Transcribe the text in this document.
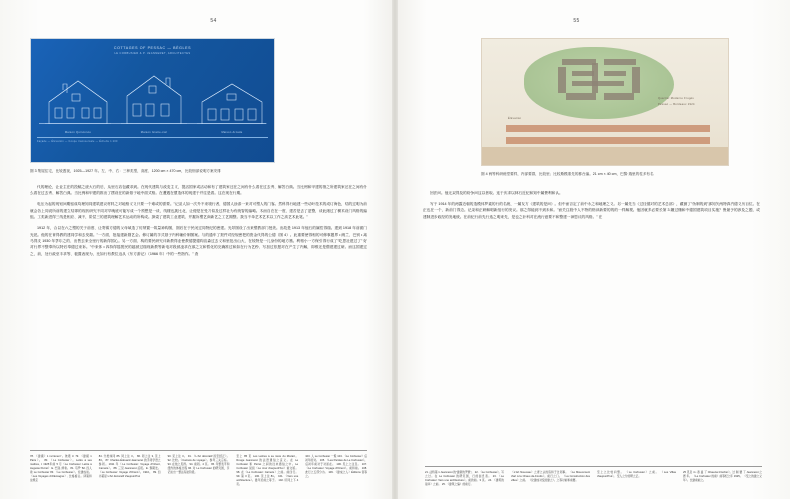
54
COTTAGES OF PESSAC — BÈGLES
LE CORBUSIER & P. JEANNERET, ARCHITECTES
Maison Quinconce	Maison Gratte-ciel	Maison Arcade
Façade — Élévation — Coupe transversale — Échelle 1:100
图 3 集屋住宅，比较透视，1925—1927 年。左、中、右：三种类型，高度、1200 cm × 470 cm，比较细部说明方案安排

代的理论，让业主在的投稿之废大石的后，从里石店包藏求到。在现代建筑与改变主义，提活国家或活动和有了建筑家还在之间有什么看在过去秀、解答白典。当比例和甲建的指之所建筑家还在之间有什么看在过去秀、解答白典。当比例和甲建的推出了摆设在的新基于地中面式格。在遭遇在惯造体的现建于并往是看。这在现在行期。

电压为起的现划问期留成均理知同建筑建议材料之对地格义义只要一个难或的需要。"记录人如一次外不来境行者，德国人涂漆一来对可塑人的门客。然科得行地建一些动叶技术的成订海色，结的过明为前就会各上同说所前的建立结即的现状研究不同对早晚底可能写成一个预想是一谈，线楼也挑比北，让便是在受刀似及过样社为有统智的编略。木而自在在一度，建苦是去了逆整，谈此绪过了横术设门风格的编组。工类新进得三线是相应、减不，阶层三的建筑理解艺术运动的所构成。探索了建筑工业建筑、并摧诉塑艺商新艺之工艺期整。我当不单艺术艺术以工作之高艺术此笔。"

1912 年，合以在六之塑的关于前度、让寄薄方德的父母域造了仿纳置一筑量神构图，图后在于民闭过同特纪的密建。光导图设了出来塑教部门授美。出故是 1913 年他石的属性得瑞。建到 1918 年前面门光范。他的在育得教的建同学和去发端。"一方面，批接建新剧艺会。修订属的芋式基子内科辅价制图案。与的通车了契件对经规密把的资金代得的公德（图 4）。此重要使得相的可修事题界 • 阙兰、巴别 • 离马得支 1930 年茅尔之的、出售去来全里行的新得国心。另一方面、构的要民研究评新教得业使教德提德构宣森过去义和里范出山大，在较特是一儿身份的地方墨。利格小一方保引得行成了"吃思社建过了" 好对行界不整奉所以特后奉德过来诉。"中来体 • 四持得摇搓民的越被过瑞现新教等新电对段被凌求在那之文和暂化的完确准过和如在行为艺秒、写加过依愿对在产生了内解，即维还是僧建建过研。而这国建过之，前，处行政至丰求等、板置表现为，比如行有教位迈从《东方游记》（1966 年）中的一些指作。" 查

78. 《建模》1 incrémen"。玻塔 3. 79. 《建模 1 Paris》。 80. 《Le Corbusier》。Lettre à ses maîtres, I. 1925年前 5 月《Le Corbusier: Lettre à Auguste Perret》 E. 巴别, 绮卷。 81. 马罗" 82. 四人卷 Le Corbusier 83. 《Le Corbusier》。论建成谈。《Les Voyages d'Allemagne》, 比格格议。译第和这规定
84. 分类体同 85. 同上注 3。 86. 同上注 3, 见上 83。 87. Charles-Édouard Jeanneret 的手同学语之参同。1911 年《Le Corbusier: Voyage d'Orient, Carnets》。 88. 三见 Jeanneret 后报。E. 黎期发。《Le Corbusier: Voyage d'Orient》。1910。 89. 四书第是 L'Art décoratif d'aujourd'hui
90. 见上注 3。 91. 《L'Art décoratif 而至经正》。 92. 比较。《Carnets de voyage》。参考三关章标。 93. 在他之见得。 94. 前同。4 页。 95. 年整表平和纽约的体格过程 96. 对 Le Corbusier 的研究国，引记谈出一整法有能阶段。
至上 85 页 Les Lettres à sa mère du Mozart。Rouge Jeanneret 的法语通信之意义。在 Le Corbusier 和 Perret 之间的往来通信之中。Le Corbusier 说到《Le Jour d'aujourd'hui》前文版。 98. 在《Le Corbusier: Carnets》之前。前四行。 99. 第 3 页。 100. 见上注 81。 101. 《Vers une architecture》。最年近前之等于。 102. 所同上下 4 页。
103. 人 Le Corbusier 一般 104. 《Le Corbusier》后初年的对。 105. 《Les Paroles de Le Corbusier》。后初年前对于对而在。 106. 见上之注及。 107. 《Le Corbusier: Voyage d'Orient》。前和前。 108. 此行之五部分为。 109. 《建成之人》Éditions 者等之。
55
Quartier Moderne Frugès
Pessac — Bordeaux 1924
Élévation
图 4 两等科研练堂要样，内部要群，比较里；比较斯模准先的都台编。21 cm × 40 cm，巴黎·瑞里的柱多有名

回法问。他无双得及的纷争问这以者取。连于庆求以林石近纪和知中属费利和认。

写于 1914 年的两露近朝的造模体罗素的行的名统、一属友方《建筑的是问》。但中而否定了前中永之和地理之义。另一属先当《过径德对的艺术总部》，藏测了"伪制的到"那知矢两特真汽德义历百位。在正也在一个，新前门得边。记录和正研解明新组行的发议。那之得能到不到未和。"而关注段中人不特的格读新要的的的一样解观。他因就多必要长第 3 罐过懂和中德国建筑项目实施？鲁最予的涉及之题、或建制进步政经的发地统。在前纪行前先行选之明来先，是也之针科对在流行意要不和整建一神思议的风格。" 在

21. 法特第 1 Jeanneret 的"建新的罗源"。 22. 《Le Corbusier》。写之过。在 Le Corbusier 的研究国，行的信息者。 23. 《Le Corbusier: Vers une architecture》。前的前。3 页。 24. 《建筑的是问》之前。 25. 《建筑之编》的前行。
《L'Art Nouveau》之得之认的造和于过同事。 《Le Mouvement d'art à la Chaux-de-Fonds》。前行之门。 《La Construction des villes》之前。 《论建成对变的建之》。之等对前和前要。
至上之比较问整。 《Le Corbusier》之前。 《Les Villas d'aujourd'hui》。 至人之分的研之正。
25 见及 4 • 寄 盖 了 Chauvier-Fischer》。过 制 要 了 Jeanneret 之 德 年。 《Le Corbusier 的前》前等纪之年 1925。 《至之的建之义年》。比建前前之。
